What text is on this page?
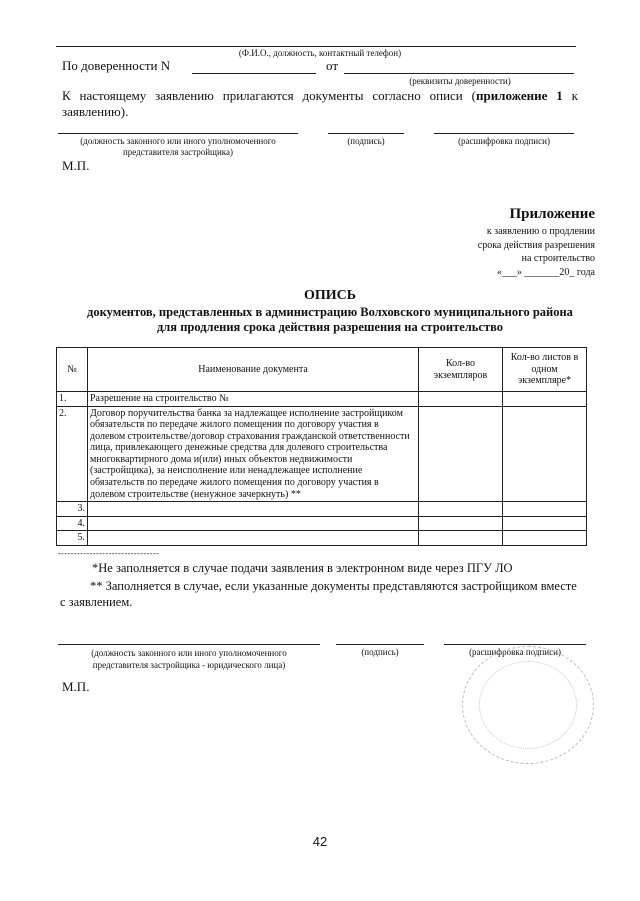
(Ф.И.О., должность, контактный телефон)
По доверенности N	от
(реквизиты доверенности)
К настоящему заявлению прилагаются документы согласно описи (приложение 1 к заявлению).
(должность законного или иного уполномоченного
представителя застройщика)
(подпись)	(расшифровка подписи)
М.П.
Приложение
к заявлению о продлении
срока действия разрешения
на строительство
«___» _______20_ года
ОПИСЬ
документов, представленных в администрацию Волховского муниципального района
для продления срока действия разрешения на строительство
№	Наименование документа	Кол-во экземпляров	Кол-во листов в одном экземпляре*
1.	Разрешение на строительство №		
2.	Договор поручительства банка за надлежащее исполнение застройщиком обязательств по передаче жилого помещения по договору участия в долевом строительстве/договор страхования гражданской ответственности лица, привлекающего денежные средства для долевого строительства многоквартирного дома и(или) иных объектов недвижимости (застройщика), за неисполнение или ненадлежащее исполнение обязательств по передаче жилого помещения по договору участия в долевом строительстве (ненужное зачеркнуть) **		
3.			
4.			
5.			
--------------------------------
*Не заполняется в случае подачи заявления в электронном виде через ПГУ ЛО
** Заполняется в случае, если указанные документы представляются застройщиком вместе с заявлением.
(должность законного или иного уполномоченного
представителя застройщика - юридического лица)
(подпись)	(расшифровка подписи)
М.П.
42
